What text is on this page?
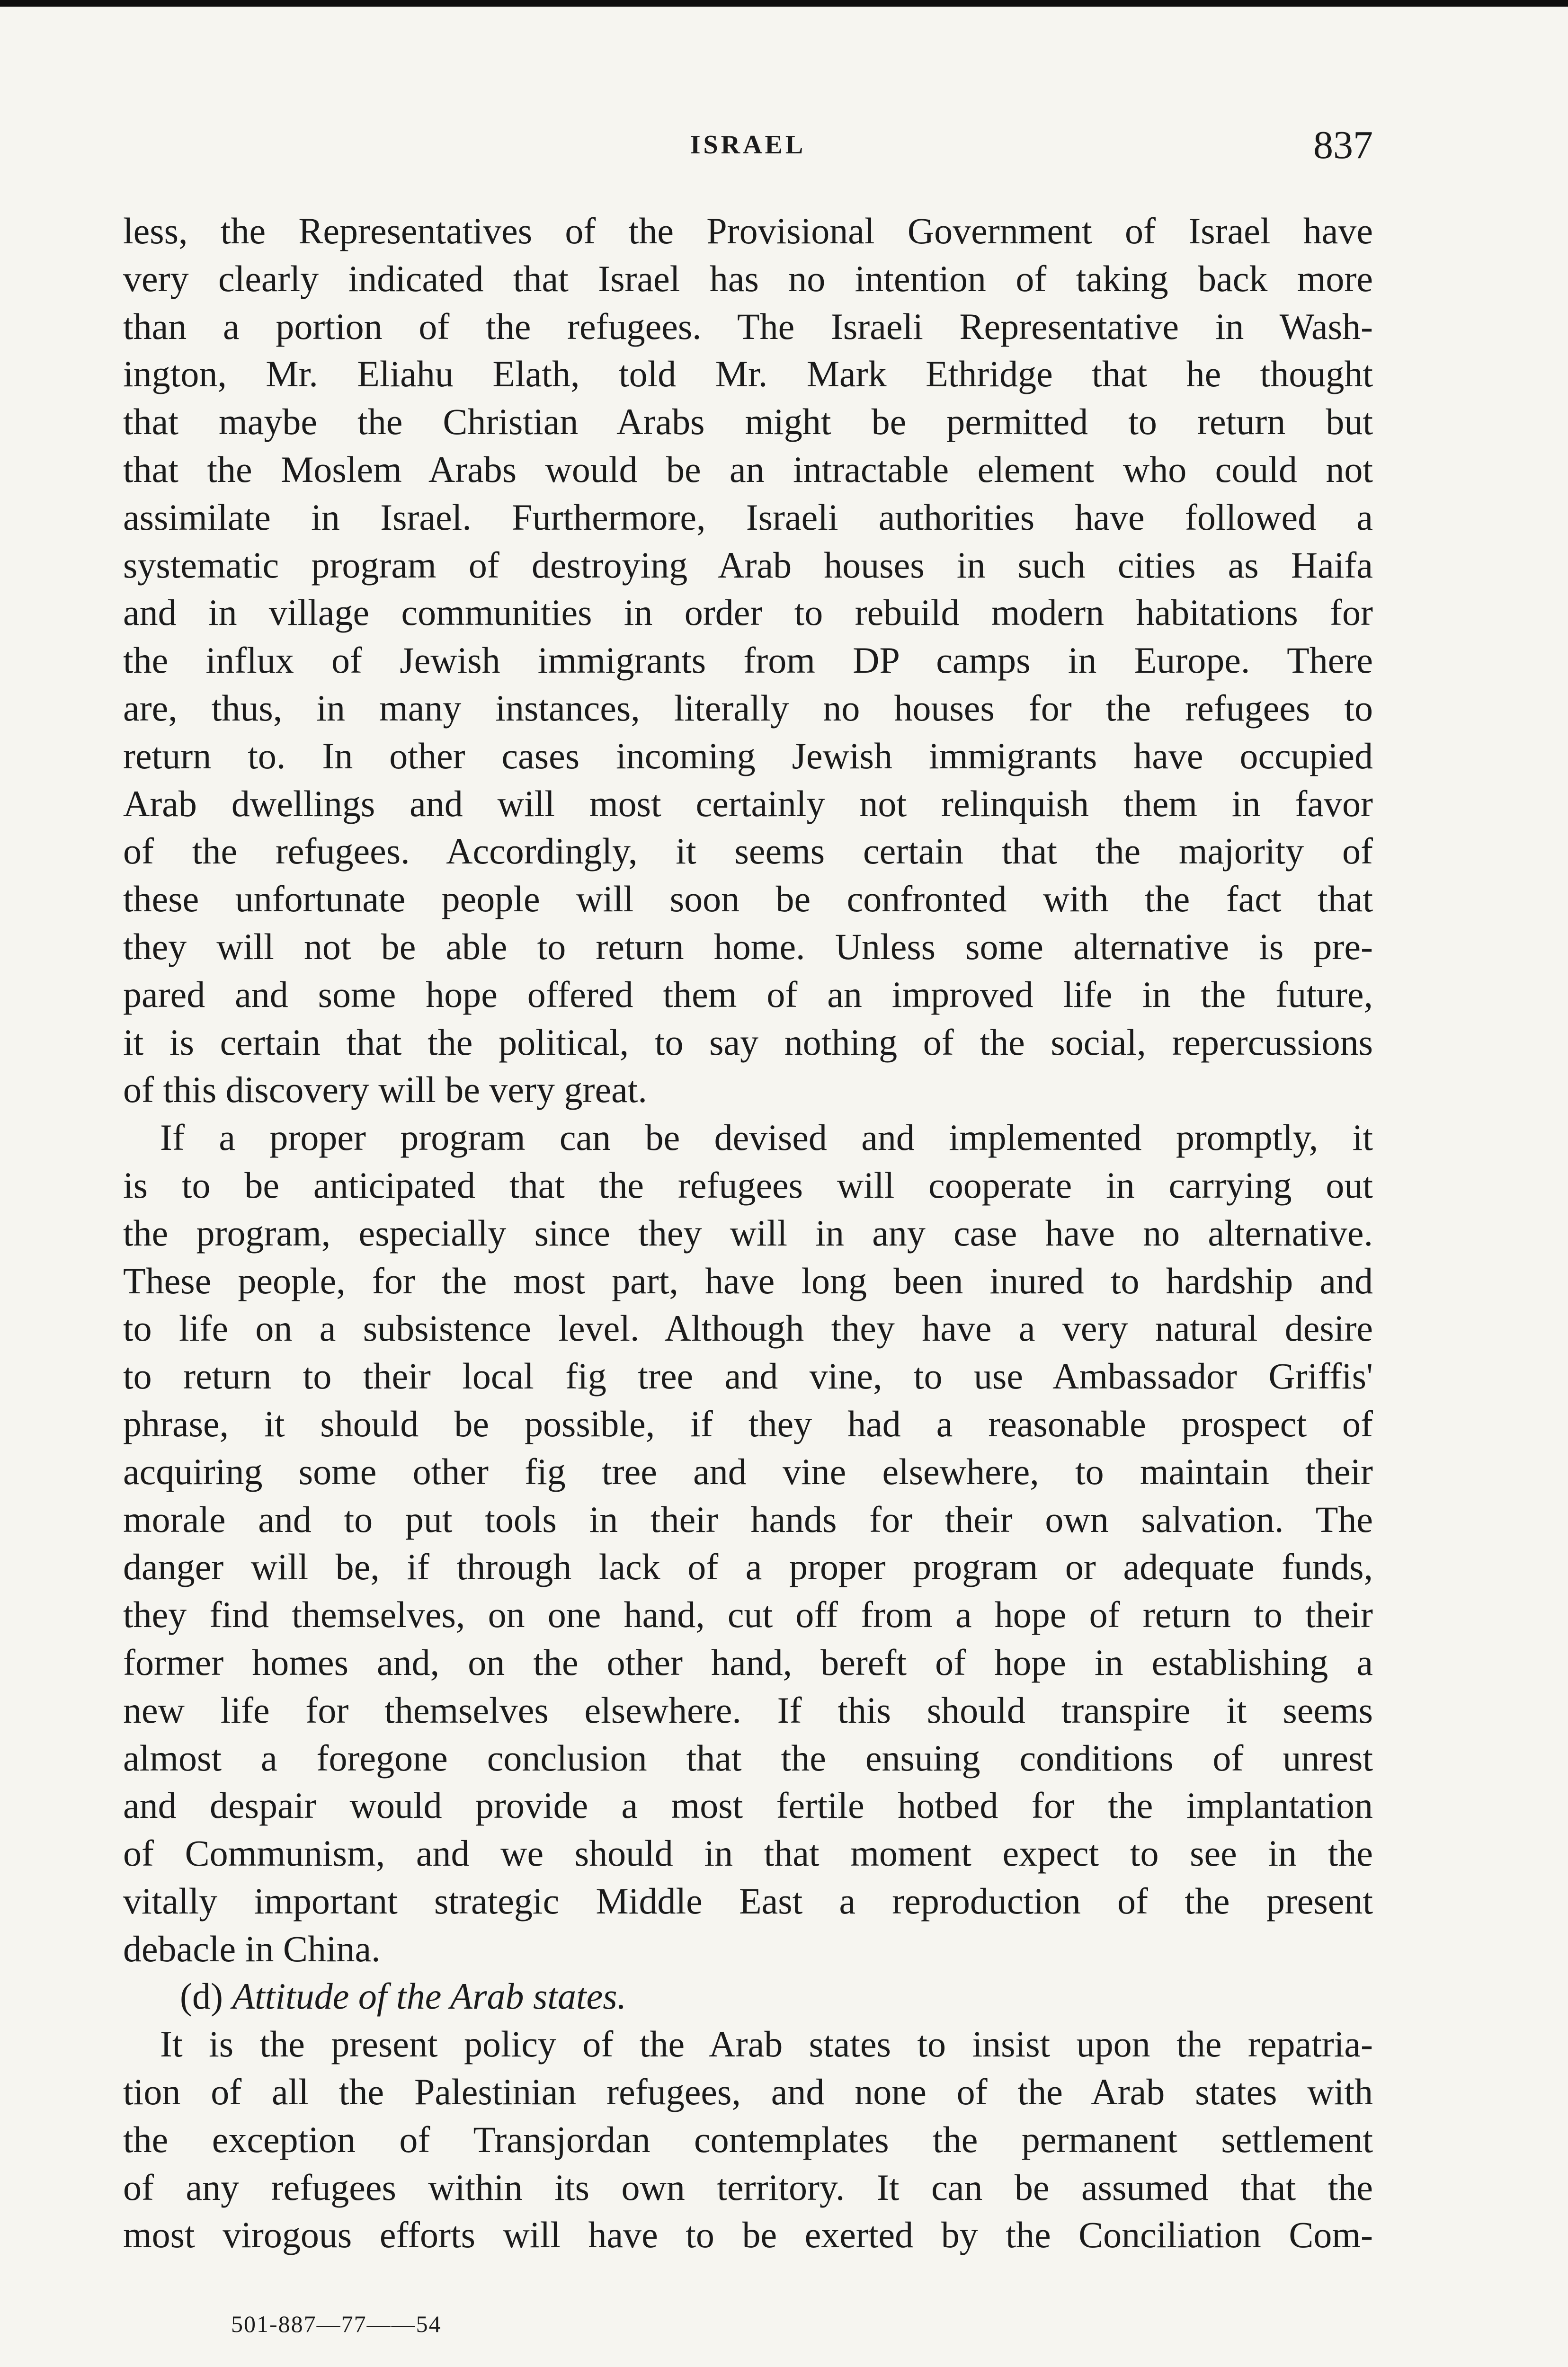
ISRAEL	837
less, the Representatives of the Provisional Government of Israel have
very clearly indicated that Israel has no intention of taking back more
than a portion of the refugees. The Israeli Representative in Wash-
ington, Mr. Eliahu Elath, told Mr. Mark Ethridge that he thought
that maybe the Christian Arabs might be permitted to return but
that the Moslem Arabs would be an intractable element who could not
assimilate in Israel. Furthermore, Israeli authorities have followed a
systematic program of destroying Arab houses in such cities as Haifa
and in village communities in order to rebuild modern habitations for
the influx of Jewish immigrants from DP camps in Europe. There
are, thus, in many instances, literally no houses for the refugees to
return to. In other cases incoming Jewish immigrants have occupied
Arab dwellings and will most certainly not relinquish them in favor
of the refugees. Accordingly, it seems certain that the majority of
these unfortunate people will soon be confronted with the fact that
they will not be able to return home. Unless some alternative is pre-
pared and some hope offered them of an improved life in the future,
it is certain that the political, to say nothing of the social, repercussions
of this discovery will be very great.
If a proper program can be devised and implemented promptly, it
is to be anticipated that the refugees will cooperate in carrying out
the program, especially since they will in any case have no alternative.
These people, for the most part, have long been inured to hardship and
to life on a subsistence level. Although they have a very natural desire
to return to their local fig tree and vine, to use Ambassador Griffis'
phrase, it should be possible, if they had a reasonable prospect of
acquiring some other fig tree and vine elsewhere, to maintain their
morale and to put tools in their hands for their own salvation. The
danger will be, if through lack of a proper program or adequate funds,
they find themselves, on one hand, cut off from a hope of return to their
former homes and, on the other hand, bereft of hope in establishing a
new life for themselves elsewhere. If this should transpire it seems
almost a foregone conclusion that the ensuing conditions of unrest
and despair would provide a most fertile hotbed for the implantation
of Communism, and we should in that moment expect to see in the
vitally important strategic Middle East a reproduction of the present
debacle in China.
(d) Attitude of the Arab states.
It is the present policy of the Arab states to insist upon the repatria-
tion of all the Palestinian refugees, and none of the Arab states with
the exception of Transjordan contemplates the permanent settlement
of any refugees within its own territory. It can be assumed that the
most virogous efforts will have to be exerted by the Conciliation Com-
501-887—77——54
